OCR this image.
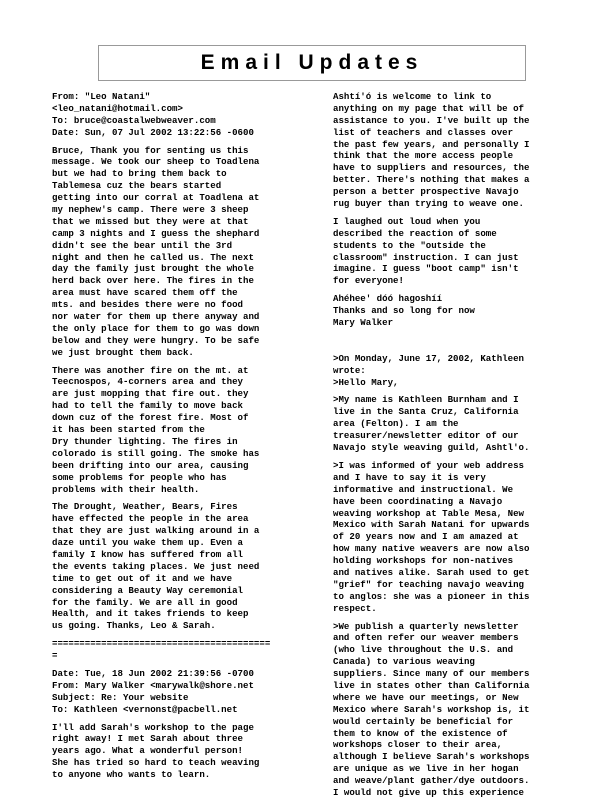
Email Updates
From: "Leo Natani"
<leo_natani@hotmail.com>
To: bruce@coastalwebweaver.com
Date: Sun, 07 Jul 2002 13:22:56 -0600
Bruce, Thank you for senting us this
message. We took our sheep to Toadlena
but we had to bring them back to
Tablemesa cuz the bears started
getting into our corral at Toadlena at
my nephew's camp. There were 3 sheep
that we missed but they were at that
camp 3 nights and I guess the shephard
didn't see the bear until the 3rd
night and then he called us. The next
day the family just brought the whole
herd back over here. The fires in the
area must have scared them off the
mts. and besides there were no food
nor water for them up there anyway and
the only place for them to go was down
below and they were hungry. To be safe
we just brought them back.
There was another fire on the mt. at
Teecnospos, 4-corners area and they
are just mopping that fire out. they
had to tell the family to move back
down cuz of the forest fire. Most of
it has been started from the
Dry thunder lighting. The fires in
colorado is still going. The smoke has
been drifting into our area, causing
some problems for people who has
problems with their health.
The Drought, Weather, Bears, Fires
have effected the people in the area
that they are just walking around in a
daze until you wake them up. Even a
family I know has suffered from all
the events taking places. We just need
time to get out of it and we have
considering a Beauty Way ceremonial
for the family. We are all in good
Health, and it takes friends to keep
us going. Thanks, Leo & Sarah.
========================================
=
Date: Tue, 18 Jun 2002 21:39:56 -0700
From: Mary Walker <marywalk@shore.net
Subject: Re: Your website
To: Kathleen <vernonst@pacbell.net
I'll add Sarah's workshop to the page
right away! I met Sarah about three
years ago. What a wonderful person!
She has tried so hard to teach weaving
to anyone who wants to learn.
Ashtí'ó is welcome to link to
anything on my page that will be of
assistance to you. I've built up the
list of teachers and classes over
the past few years, and personally I
think that the more access people
have to suppliers and resources, the
better. There's nothing that makes a
person a better prospective Navajo
rug buyer than trying to weave one.
I laughed out loud when you
described the reaction of some
students to the "outside the
classroom" instruction. I can just
imagine. I guess "boot camp" isn't
for everyone!
Ahéhee' dóó hagoshíí
Thanks and so long for now
Mary Walker
>On Monday, June 17, 2002, Kathleen
wrote:
>Hello Mary,
>My name is Kathleen Burnham and I
live in the Santa Cruz, California
area (Felton). I am the
treasurer/newsletter editor of our
Navajo style weaving guild, Ashtl'o.
>I was informed of your web address
and I have to say it is very
informative and instructional. We
have been coordinating a Navajo
weaving workshop at Table Mesa, New
Mexico with Sarah Natani for upwards
of 20 years now and I am amazed at
how many native weavers are now also
holding workshops for non-natives
and natives alike. Sarah used to get
"grief" for teaching navajo weaving
to anglos: she was a pioneer in this
respect.
>We publish a quarterly newsletter
and often refer our weaver members
(who live throughout the U.S. and
Canada) to various weaving
suppliers. Since many of our members
live in states other than California
where we have our meetings, or New
Mexico where Sarah's workshop is, it
would certainly be beneficial for
them to know of the existence of
workshops closer to their area,
although I believe Sarah's workshops
are unique as we live in her hogan
and weave/plant gather/dye outdoors.
I would not give up this experience
